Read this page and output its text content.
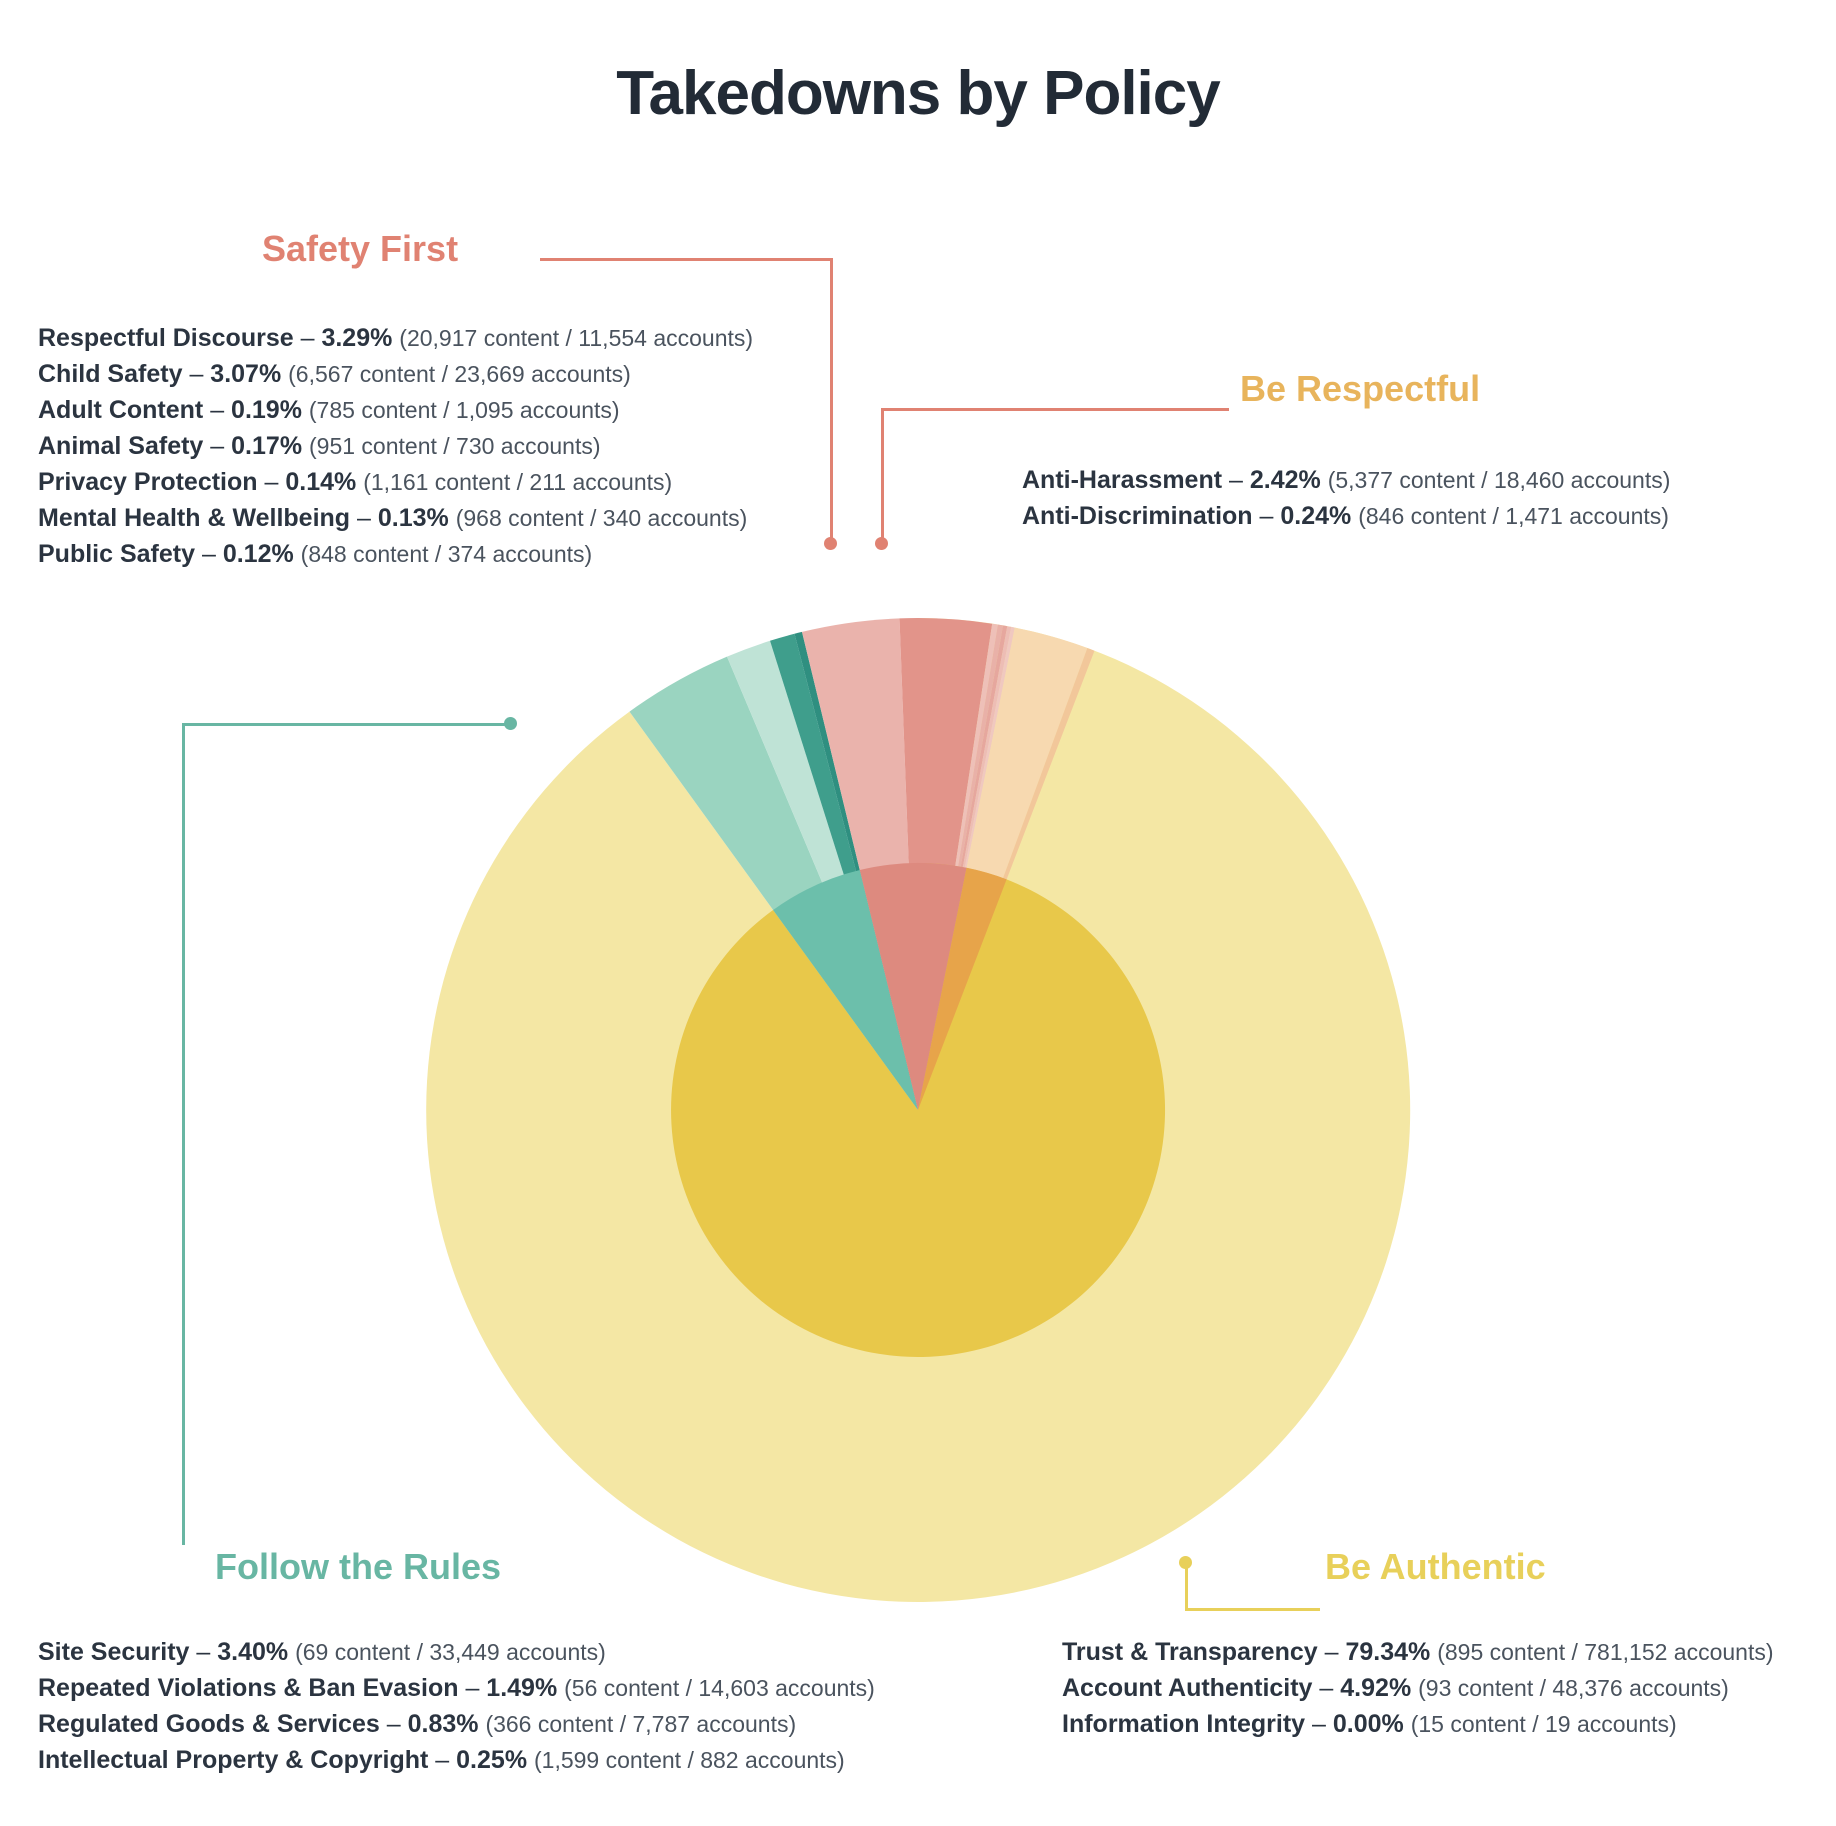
Takedowns by Policy
Safety First
Be Respectful
Follow the Rules	Be Authentic
Respectful Discourse – 3.29% (20,917 content / 11,554 accounts)
Child Safety – 3.07% (6,567 content / 23,669 accounts)
Adult Content – 0.19% (785 content / 1,095 accounts)
Animal Safety – 0.17% (951 content / 730 accounts)
Privacy Protection – 0.14% (1,161 content / 211 accounts)
Mental Health & Wellbeing – 0.13% (968 content / 340 accounts)
Public Safety – 0.12% (848 content / 374 accounts)
Anti-Harassment – 2.42% (5,377 content / 18,460 accounts)
Anti-Discrimination – 0.24% (846 content / 1,471 accounts)
Site Security – 3.40% (69 content / 33,449 accounts)
Repeated Violations & Ban Evasion – 1.49% (56 content / 14,603 accounts)
Regulated Goods & Services – 0.83% (366 content / 7,787 accounts)
Intellectual Property & Copyright – 0.25% (1,599 content / 882 accounts)
Trust & Transparency – 79.34% (895 content / 781,152 accounts)
Account Authenticity – 4.92% (93 content / 48,376 accounts)
Information Integrity – 0.00% (15 content / 19 accounts)
